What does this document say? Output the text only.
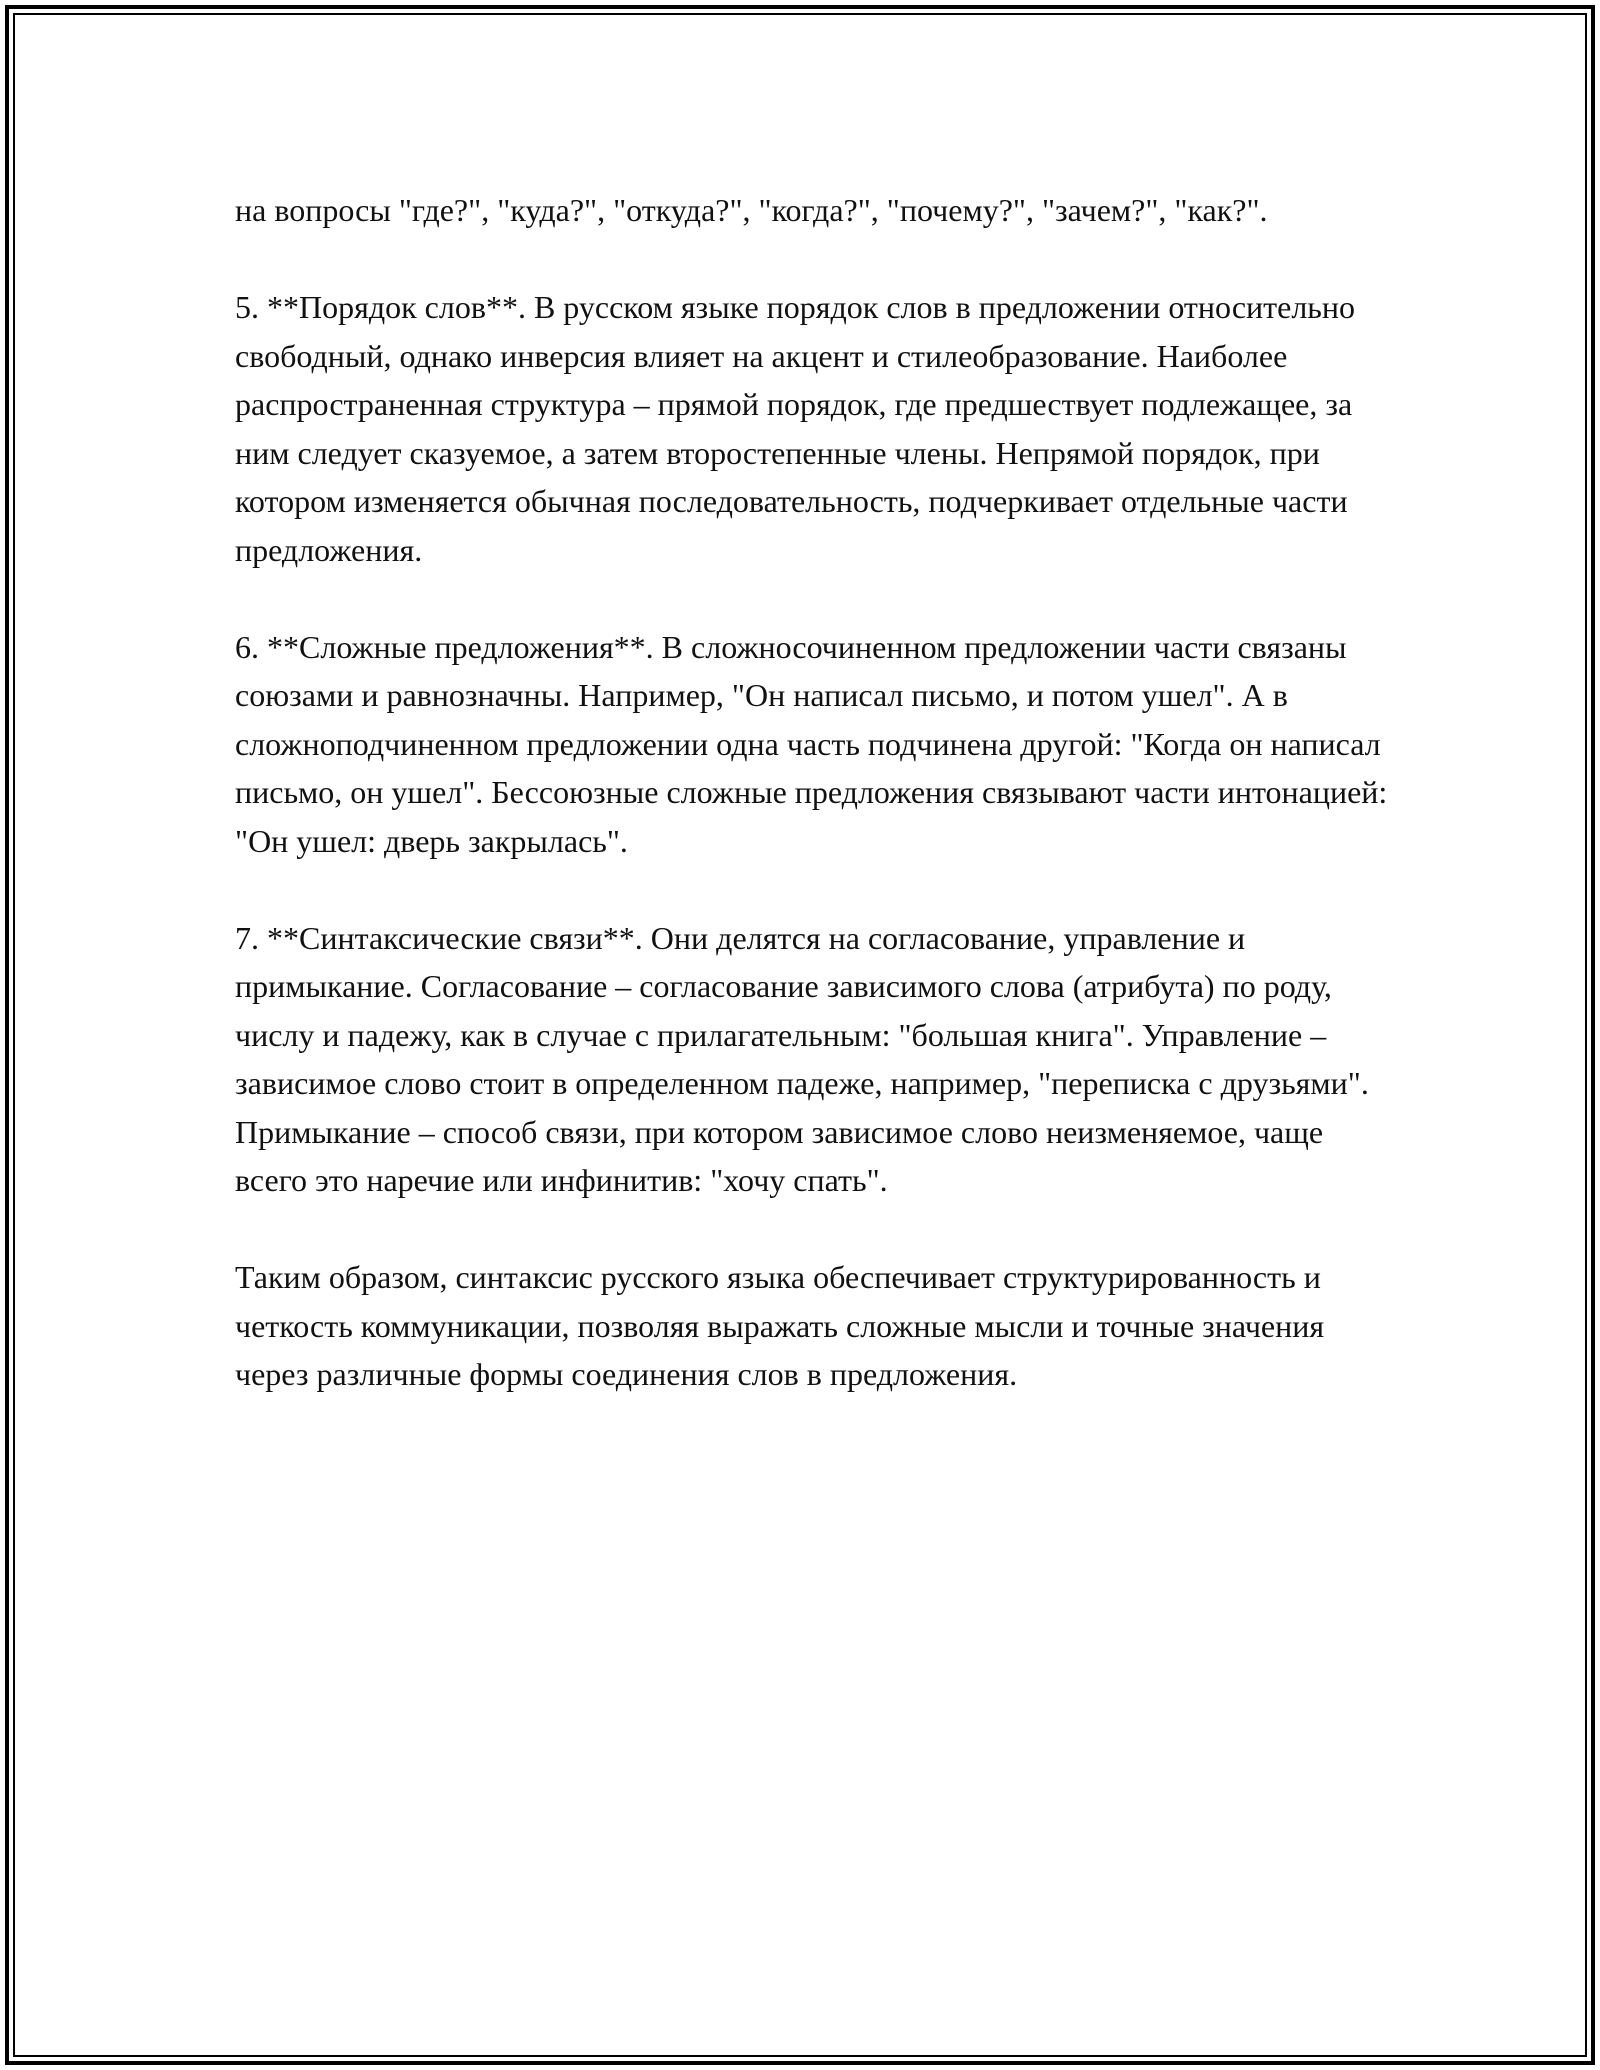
на вопросы "где?", "куда?", "откуда?", "когда?", "почему?", "зачем?", "как?".

5. **Порядок слов**. В русском языке порядок слов в предложении относительно свободный, однако инверсия влияет на акцент и стилеобразование. Наиболее распространенная структура – прямой порядок, где предшествует подлежащее, за ним следует сказуемое, а затем второстепенные члены. Непрямой порядок, при котором изменяется обычная последовательность, подчеркивает отдельные части предложения.

6. **Сложные предложения**. В сложносочиненном предложении части связаны союзами и равнозначны. Например, "Он написал письмо, и потом ушел". А в сложноподчиненном предложении одна часть подчинена другой: "Когда он написал письмо, он ушел". Бессоюзные сложные предложения связывают части интонацией: "Он ушел: дверь закрылась".

7. **Синтаксические связи**. Они делятся на согласование, управление и примыкание. Согласование – согласование зависимого слова (атрибута) по роду, числу и падежу, как в случае с прилагательным: "большая книга". Управление – зависимое слово стоит в определенном падеже, например, "переписка с друзьями". Примыкание – способ связи, при котором зависимое слово неизменяемое, чаще всего это наречие или инфинитив: "хочу спать".

Таким образом, синтаксис русского языка обеспечивает структурированность и четкость коммуникации, позволяя выражать сложные мысли и точные значения через различные формы соединения слов в предложения.
